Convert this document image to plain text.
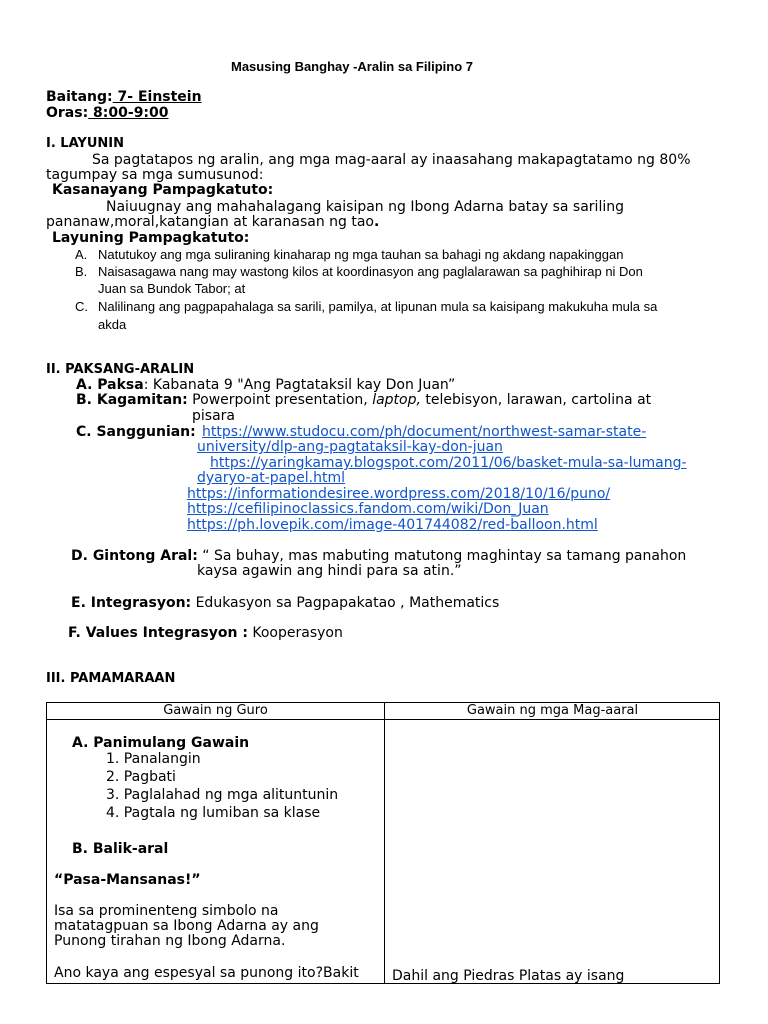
Masusing Banghay -Aralin sa Filipino 7
Baitang: 7- Einstein
Oras: 8:00-9:00
I. LAYUNIN
Sa pagtatapos ng aralin, ang mga mag-aaral ay inaasahang makapagtatamo ng 80%
tagumpay sa mga sumusunod:
Kasanayang Pampagkatuto:
Naiuugnay ang mahahalagang kaisipan ng Ibong Adarna batay sa sariling
pananaw,moral,katangian at karanasan ng tao.
Layuning Pampagkatuto:
A. Natutukoy ang mga suliraning kinaharap ng mga tauhan sa bahagi ng akdang napakinggan
B. Naisasagawa nang may wastong kilos at koordinasyon ang paglalarawan sa paghihirap ni Don
Juan sa Bundok Tabor; at
C. Nalilinang ang pagpapahalaga sa sarili, pamilya, at lipunan mula sa kaisipang makukuha mula sa
akda
II. PAKSANG-ARALIN
A. Paksa: Kabanata 9 "Ang Pagtataksil kay Don Juan”
B. Kagamitan: Powerpoint presentation, laptop, telebisyon, larawan, cartolina at
pisara
C. Sanggunian: https://www.studocu.com/ph/document/northwest-samar-state-
university/dlp-ang-pagtataksil-kay-don-juan
https://yaringkamay.blogspot.com/2011/06/basket-mula-sa-lumang-
dyaryo-at-papel.html
https://informationdesiree.wordpress.com/2018/10/16/puno/
https://cefilipinoclassics.fandom.com/wiki/Don_Juan
https://ph.lovepik.com/image-401744082/red-balloon.html
D. Gintong Aral: “ Sa buhay, mas mabuting matutong maghintay sa tamang panahon
kaysa agawin ang hindi para sa atin.”
E. Integrasyon: Edukasyon sa Pagpapakatao , Mathematics
F. Values Integrasyon : Kooperasyon
III. PAMAMARAAN
Gawain ng Guro	Gawain ng mga Mag-aaral
A. Panimulang Gawain
1. Panalangin
2. Pagbati
3. Paglalahad ng mga alituntunin
4. Pagtala ng lumiban sa klase
B. Balik-aral
“Pasa-Mansanas!”
Isa sa prominenteng simbolo na
matatagpuan sa Ibong Adarna ay ang
Punong tirahan ng Ibong Adarna.
Ano kaya ang espesyal sa punong ito?Bakit Dahil ang Piedras Platas ay isang
